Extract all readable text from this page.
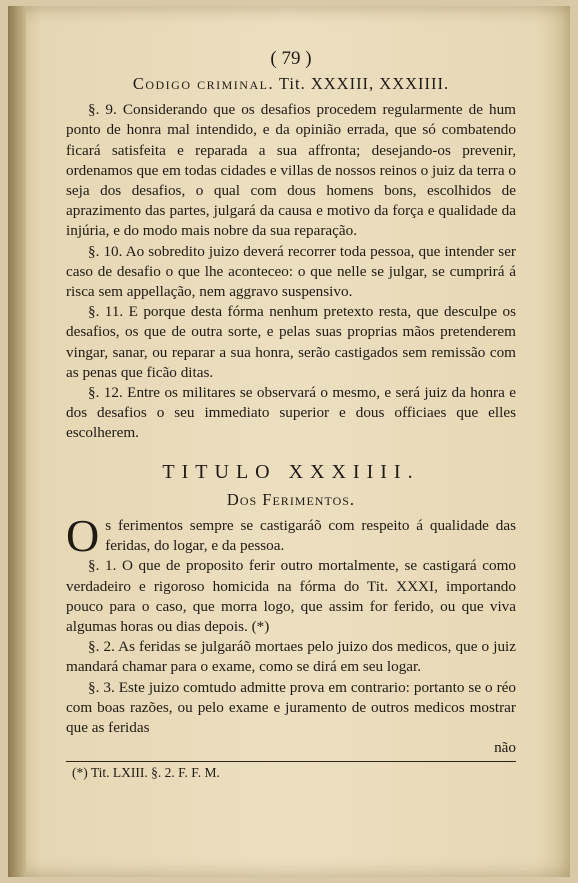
( 79 )
Codigo criminal. Tit. XXXIII, XXXIIII.

§. 9. Considerando que os desafios procedem regularmente de hum ponto de honra mal intendido, e da opinião errada, que só combatendo ficará satisfeita e reparada a sua affronta; desejando-os prevenir, ordenamos que em todas cidades e villas de nossos reinos o juiz da terra o seja dos desafios, o qual com dous homens bons, escolhidos de aprazimento das partes, julgará da causa e motivo da força e qualidade da injúria, e do modo mais nobre da sua reparação.

§. 10. Ao sobredito juizo deverá recorrer toda pessoa, que intender ser caso de desafio o que lhe aconteceo: o que nelle se julgar, se cumprirá á risca sem appellação, nem aggravo suspensivo.

§. 11. E porque desta fórma nenhum pretexto resta, que desculpe os desafios, os que de outra sorte, e pelas suas proprias mãos pretenderem vingar, sanar, ou reparar a sua honra, serão castigados sem remissão com as penas que ficão ditas.

§. 12. Entre os militares se observará o mesmo, e será juiz da honra e dos desafios o seu immediato superior e dous officiaes que elles escolherem.

TITULO XXXIIII.
Dos Ferimentos.

Os ferimentos sempre se castigaráõ com respeito á qualidade das feridas, do logar, e da pessoa.

§. 1. O que de proposito ferir outro mortalmente, se castigará como verdadeiro e rigoroso homicida na fórma do Tit. XXXI, importando pouco para o caso, que morra logo, que assim for ferido, ou que viva algumas horas ou dias depois. (*)

§. 2. As feridas se julgaráõ mortaes pelo juizo dos medicos, que o juiz mandará chamar para o exame, como se dirá em seu logar.

§. 3. Este juizo comtudo admitte prova em contrario: portanto se o réo com boas razões, ou pelo exame e juramento de outros medicos mostrar que as feridas

não
(*) Tit. LXIII. §. 2. F. F. M.
